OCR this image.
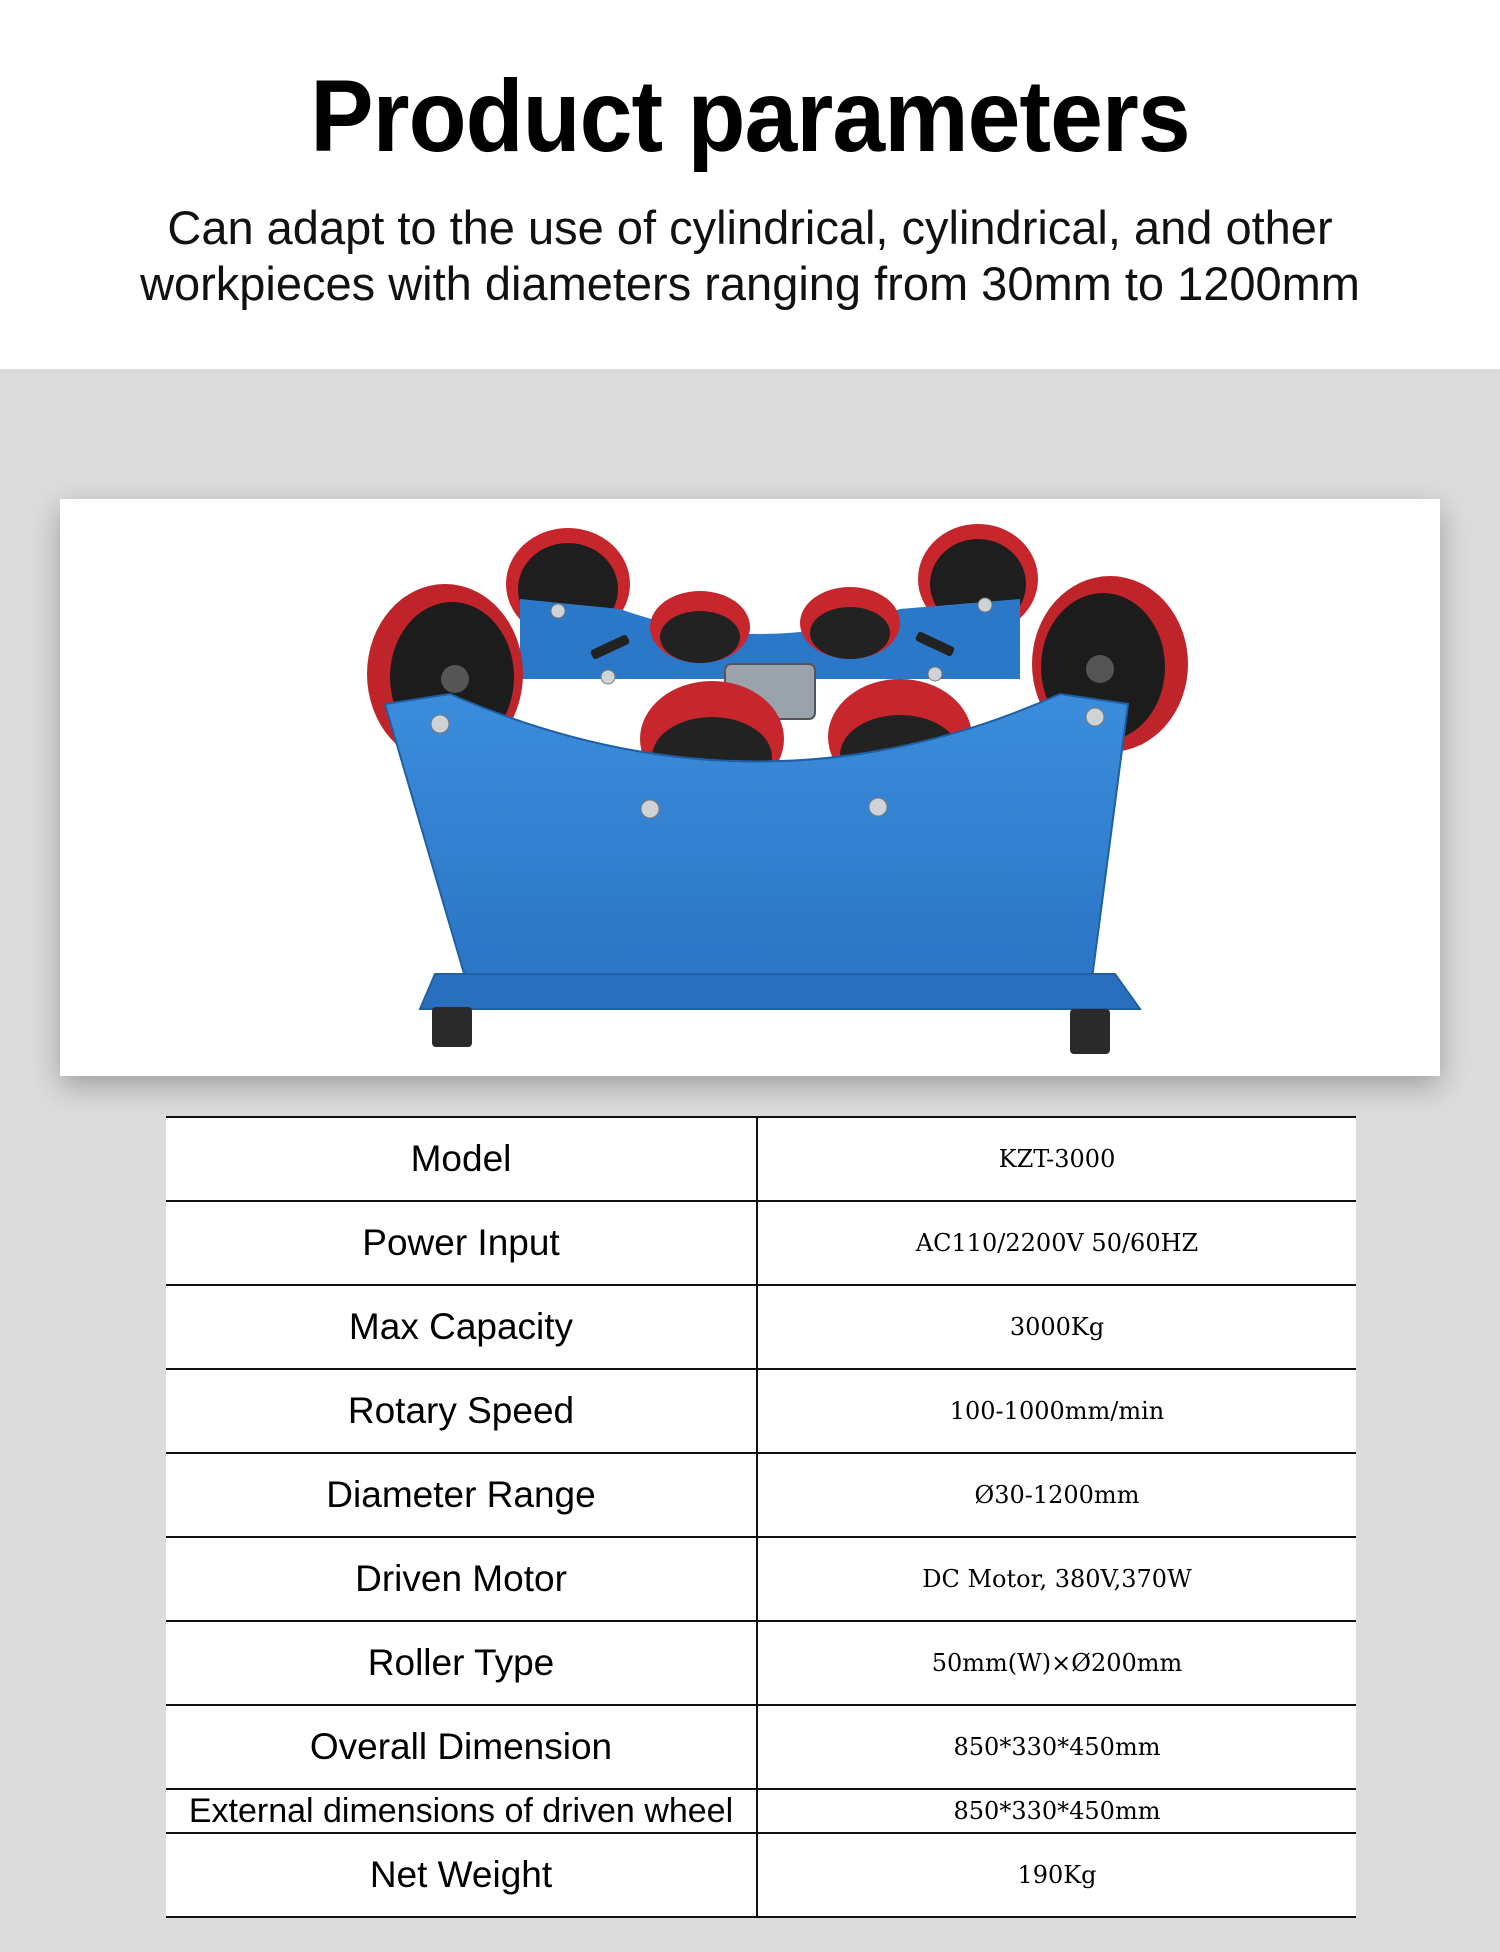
Product parameters
Can adapt to the use of cylindrical, cylindrical, and other
workpieces with diameters ranging from 30mm to 1200mm
Model	KZT-3000
Power Input	AC110/2200V 50/60HZ
Max Capacity	3000Kg
Rotary Speed	100-1000mm/min
Diameter Range	Ø30-1200mm
Driven Motor	DC Motor, 380V,370W
Roller Type	50mm(W)×Ø200mm
Overall Dimension	850*330*450mm
External dimensions of driven wheel	850*330*450mm
Net Weight	190Kg
